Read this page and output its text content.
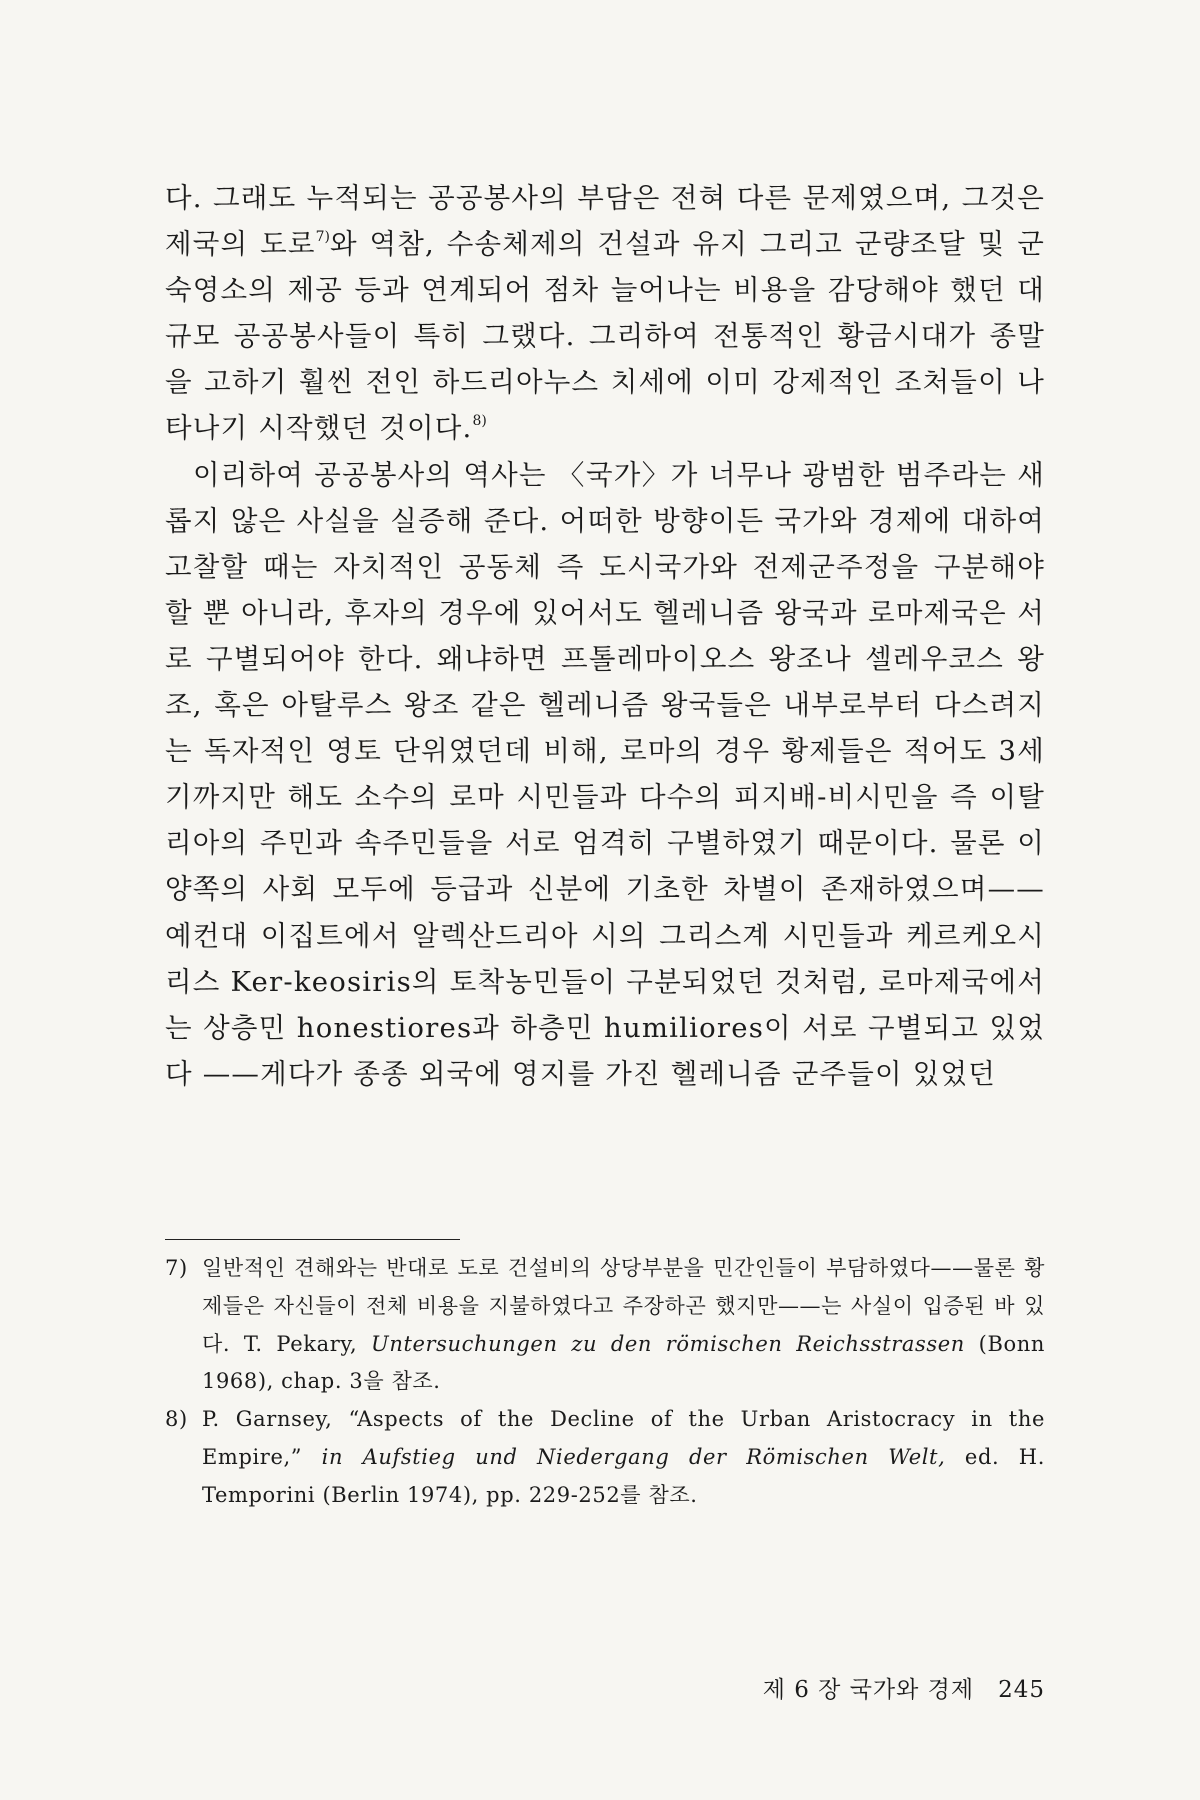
다. 그래도 누적되는 공공봉사의 부담은 전혀 다른 문제였으며, 그것은 제국의 도로$^{7)}$와 역참, 수송체제의 건설과 유지 그리고 군량조달 및 군숙영소의 제공 등과 연계되어 점차 늘어나는 비용을 감당해야 했던 대규모 공공봉사들이 특히 그랬다. 그리하여 전통적인 황금시대가 종말을 고하기 훨씬 전인 하드리아누스 치세에 이미 강제적인 조처들이 나타나기 시작했던 것이다.$^{8)}$

이리하여 공공봉사의 역사는 〈국가〉가 너무나 광범한 범주라는 새롭지 않은 사실을 실증해 준다. 어떠한 방향이든 국가와 경제에 대하여 고찰할 때는 자치적인 공동체 즉 도시국가와 전제군주정을 구분해야 할 뿐 아니라, 후자의 경우에 있어서도 헬레니즘 왕국과 로마제국은 서로 구별되어야 한다. 왜냐하면 프톨레마이오스 왕조나 셀레우코스 왕조, 혹은 아탈루스 왕조 같은 헬레니즘 왕국들은 내부로부터 다스려지는 독자적인 영토 단위였던데 비해, 로마의 경우 황제들은 적어도 3세기까지만 해도 소수의 로마 시민들과 다수의 피지배-비시민을 즉 이탈리아의 주민과 속주민들을 서로 엄격히 구별하였기 때문이다. 물론 이 양쪽의 사회 모두에 등급과 신분에 기초한 차별이 존재하였으며—— 예컨대 이집트에서 알렉산드리아 시의 그리스계 시민들과 케르케오시리스 Ker-keosiris의 토착농민들이 구분되었던 것처럼, 로마제국에서는 상층민 honestiores과 하층민 humiliores이 서로 구별되고 있었다 ——게다가 종종 외국에 영지를 가진 헬레니즘 군주들이 있었던

7) 일반적인 견해와는 반대로 도로 건설비의 상당부분을 민간인들이 부담하였다——물론 황제들은 자신들이 전체 비용을 지불하였다고 주장하곤 했지만——는 사실이 입증된 바 있다. T. Pekary, Untersuchungen zu den römischen Reichsstrassen (Bonn 1968), chap. 3을 참조.
8) P. Garnsey, “Aspects of the Decline of the Urban Aristocracy in the Empire,” in Aufstieg und Niedergang der Römischen Welt, ed. H. Temporini (Berlin 1974), pp. 229-252를 참조.
제 6 장 국가와 경제 245
